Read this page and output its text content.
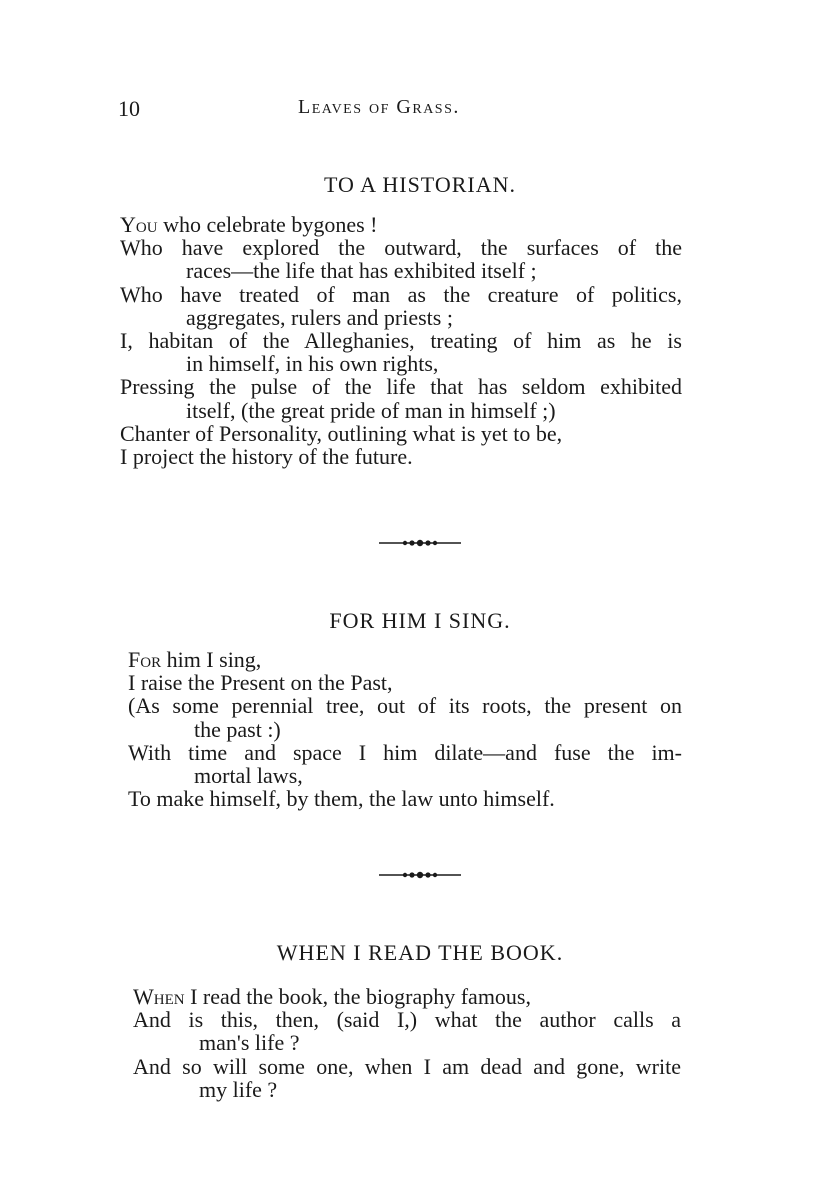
10	Leaves of Grass.
TO A HISTORIAN.
You who celebrate bygones !
Who have explored the outward, the surfaces of the
races—the life that has exhibited itself ;
Who have treated of man as the creature of politics,
aggregates, rulers and priests ;
I, habitan of the Alleghanies, treating of him as he is
in himself, in his own rights,
Pressing the pulse of the life that has seldom exhibited
itself, (the great pride of man in himself ;)
Chanter of Personality, outlining what is yet to be,
I project the history of the future.
FOR HIM I SING.
For him I sing,
I raise the Present on the Past,
(As some perennial tree, out of its roots, the present on
the past :)
With time and space I him dilate—and fuse the im-
mortal laws,
To make himself, by them, the law unto himself.
WHEN I READ THE BOOK.
When I read the book, the biography famous,
And is this, then, (said I,) what the author calls a
man's life ?
And so will some one, when I am dead and gone, write
my life ?
